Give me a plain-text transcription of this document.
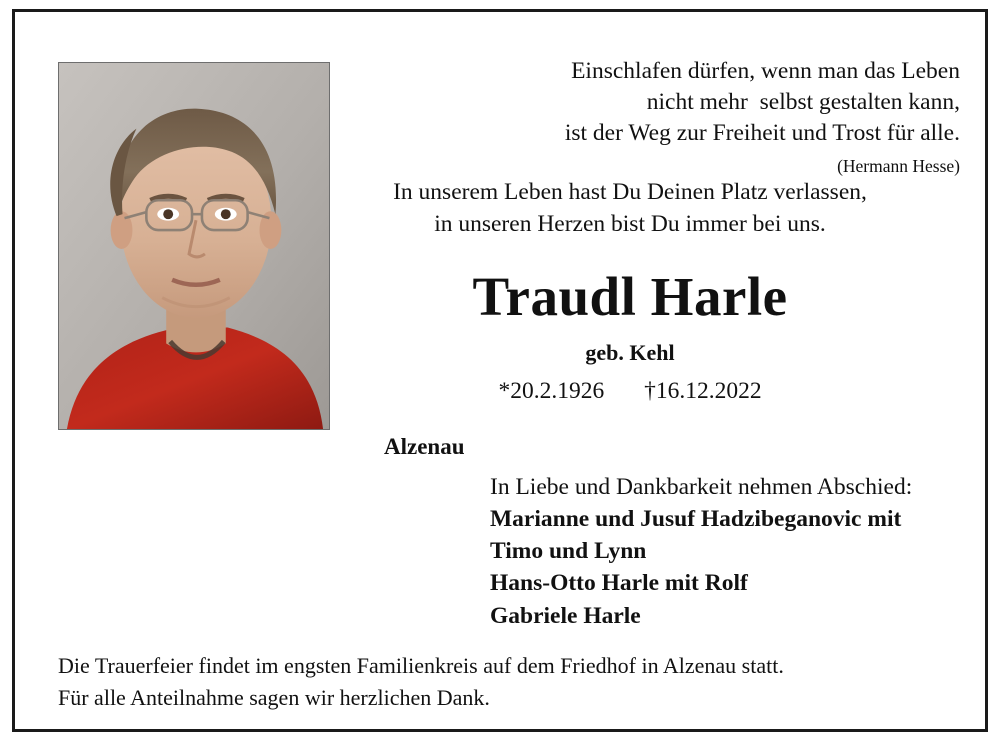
Einschlafen dürfen, wenn man das Leben
nicht mehr  selbst gestalten kann,
ist der Weg zur Freiheit und Trost für alle.
(Hermann Hesse)
In unserem Leben hast Du Deinen Platz verlassen,
in unseren Herzen bist Du immer bei uns.
Traudl Harle
geb. Kehl
*20.2.1926 †16.12.2022
Alzenau
In Liebe und Dankbarkeit nehmen Abschied:
Marianne und Jusuf Hadzibeganovic mit
Timo und Lynn
Hans-Otto Harle mit Rolf
Gabriele Harle
Die Trauerfeier findet im engsten Familienkreis auf dem Friedhof in Alzenau statt.
Für alle Anteilnahme sagen wir herzlichen Dank.
